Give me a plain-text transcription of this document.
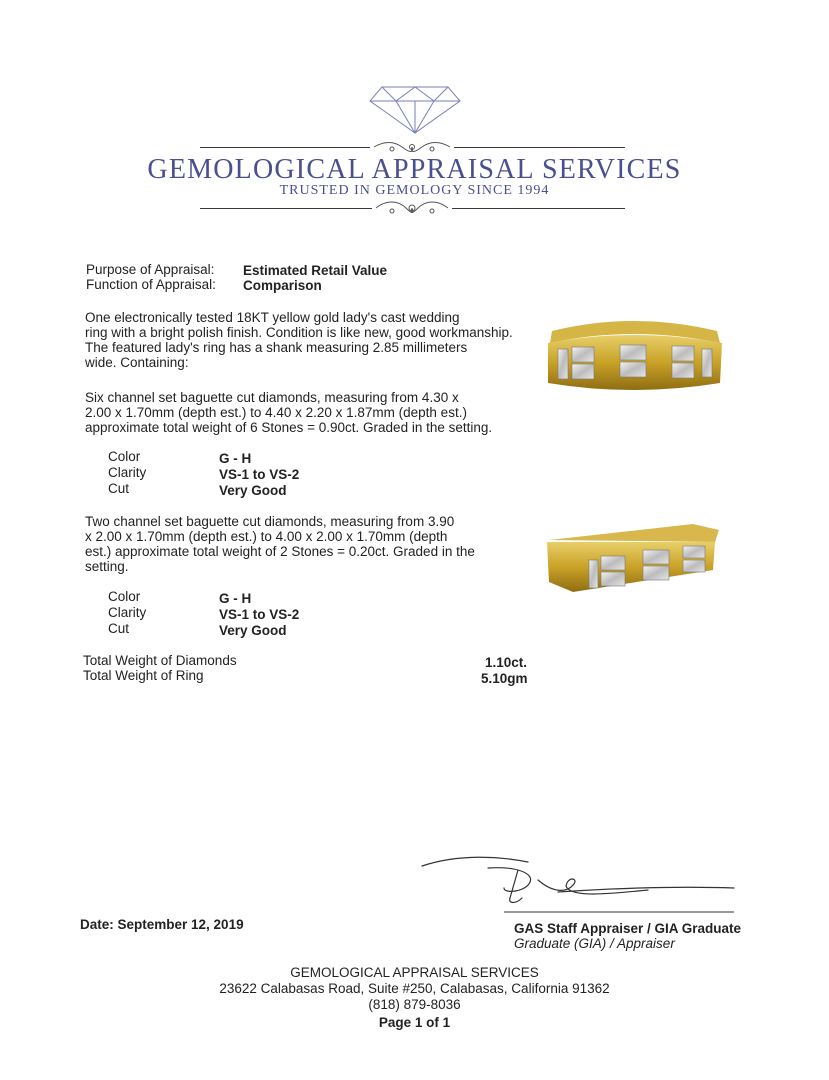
GEMOLOGICAL APPRAISAL SERVICES
TRUSTED IN GEMOLOGY SINCE 1994
Purpose of Appraisal: Estimated Retail Value
Function of Appraisal: Comparison
One electronically tested 18KT yellow gold lady's cast wedding
ring with a bright polish finish. Condition is like new, good workmanship.
The featured lady's ring has a shank measuring 2.85 millimeters
wide. Containing:
Six channel set baguette cut diamonds, measuring from 4.30 x
2.00 x 1.70mm (depth est.) to 4.40 x 2.20 x 1.87mm (depth est.)
approximate total weight of 6 Stones = 0.90ct. Graded in the setting.
Color	G - H
Clarity	VS-1 to VS-2
Cut	Very Good
Two channel set baguette cut diamonds, measuring from 3.90
x 2.00 x 1.70mm (depth est.) to 4.00 x 2.00 x 1.70mm (depth
est.) approximate total weight of 2 Stones = 0.20ct. Graded in the
setting.
Color	G - H
Clarity	VS-1 to VS-2
Cut	Very Good
Total Weight of Diamonds	1.10ct.
Total Weight of Ring	5.10gm
Date: September 12, 2019	GAS Staff Appraiser / GIA Graduate
Graduate (GIA) / Appraiser
GEMOLOGICAL APPRAISAL SERVICES
23622 Calabasas Road, Suite #250, Calabasas, California 91362
(818) 879-8036
Page 1 of 1
